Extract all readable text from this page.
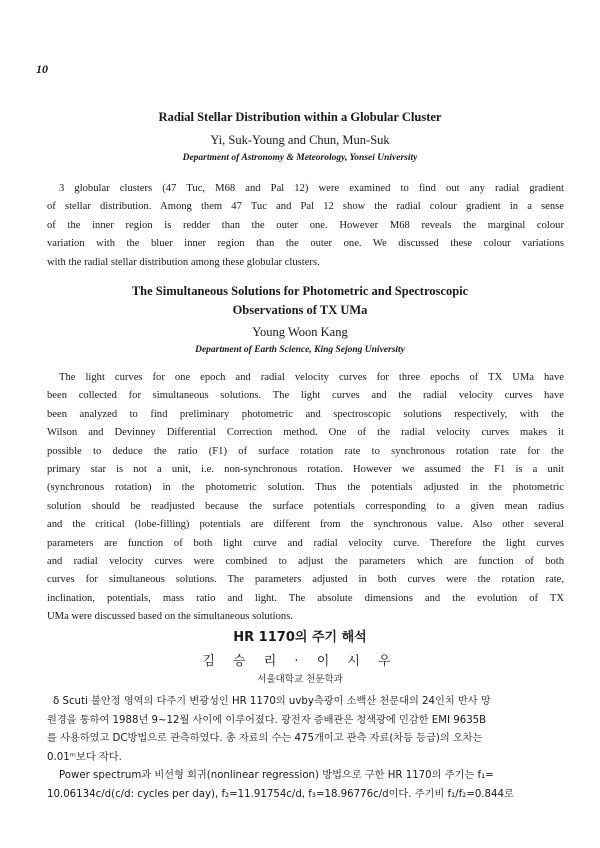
10
Radial Stellar Distribution within a Globular Cluster
Yi, Suk-Young and Chun, Mun-Suk
Department of Astronomy & Meteorology, Yonsei University
3 globular clusters (47 Tuc, M68 and Pal 12) were examined to find out any radial gradient
of stellar distribution. Among them 47 Tuc and Pal 12 show the radial colour gradient in a sense
of the inner region is redder than the outer one. However M68 reveals the marginal colour
variation with the bluer inner region than the outer one. We discussed these colour variations
with the radial stellar distribution among these globular clusters.
The Simultaneous Solutions for Photometric and Spectroscopic
Observations of TX UMa
Young Woon Kang
Department of Earth Science, King Sejong University
The light curves for one epoch and radial velocity curves for three epochs of TX UMa have
been collected for simultaneous solutions. The light curves and the radial velocity curves have
been analyzed to find preliminary photometric and spectroscopic solutions respectively, with the
Wilson and Devinney Differential Correction method. One of the radial velocity curves makes it
possible to deduce the ratio (F1) of surface rotation rate to synchronous rotation rate for the
primary star is not a unit, i.e. non-synchronous rotation. However we assumed the F1 is a unit
(synchronous rotation) in the photometric solution. Thus the potentials adjusted in the photometric
solution should be readjusted because the surface potentials corresponding to a given mean radius
and the critical (lobe-filling) potentials are different from the synchronous value. Also other several
parameters are function of both light curve and radial velocity curve. Therefore the light curves
and radial velocity curves were combined to adjust the parameters which are function of both
curves for simultaneous solutions. The parameters adjusted in both curves were the rotation rate,
inclination, potentials, mass ratio and light. The absolute dimensions and the evolution of TX
UMa were discussed based on the simultaneous solutions.
HR 1170의 주기 해석
김 승 리 · 이 시 우
서울대학교 천문학과
δ Scuti 불안정 영역의 다주기 변광성인 HR 1170의 uvby측광이 소백산 천문대의 24인치 반사 망
원경을 통하여 1988년 9~12월 사이에 이루어졌다. 광전자 증배관은 청색광에 민감한 EMI 9635B
를 사용하였고 DC방법으로 관측하였다. 총 자료의 수는 475개이고 관측 자료(차등 등급)의 오차는
0.01ᵐ보다 작다.
Power spectrum과 비선형 회귀(nonlinear regression) 방법으로 구한 HR 1170의 주기는 f₁=
10.06134c/d(c/d: cycles per day), f₂=11.91754c/d, f₃=18.96776c/d이다. 주기비 f₁/f₂=0.844로
